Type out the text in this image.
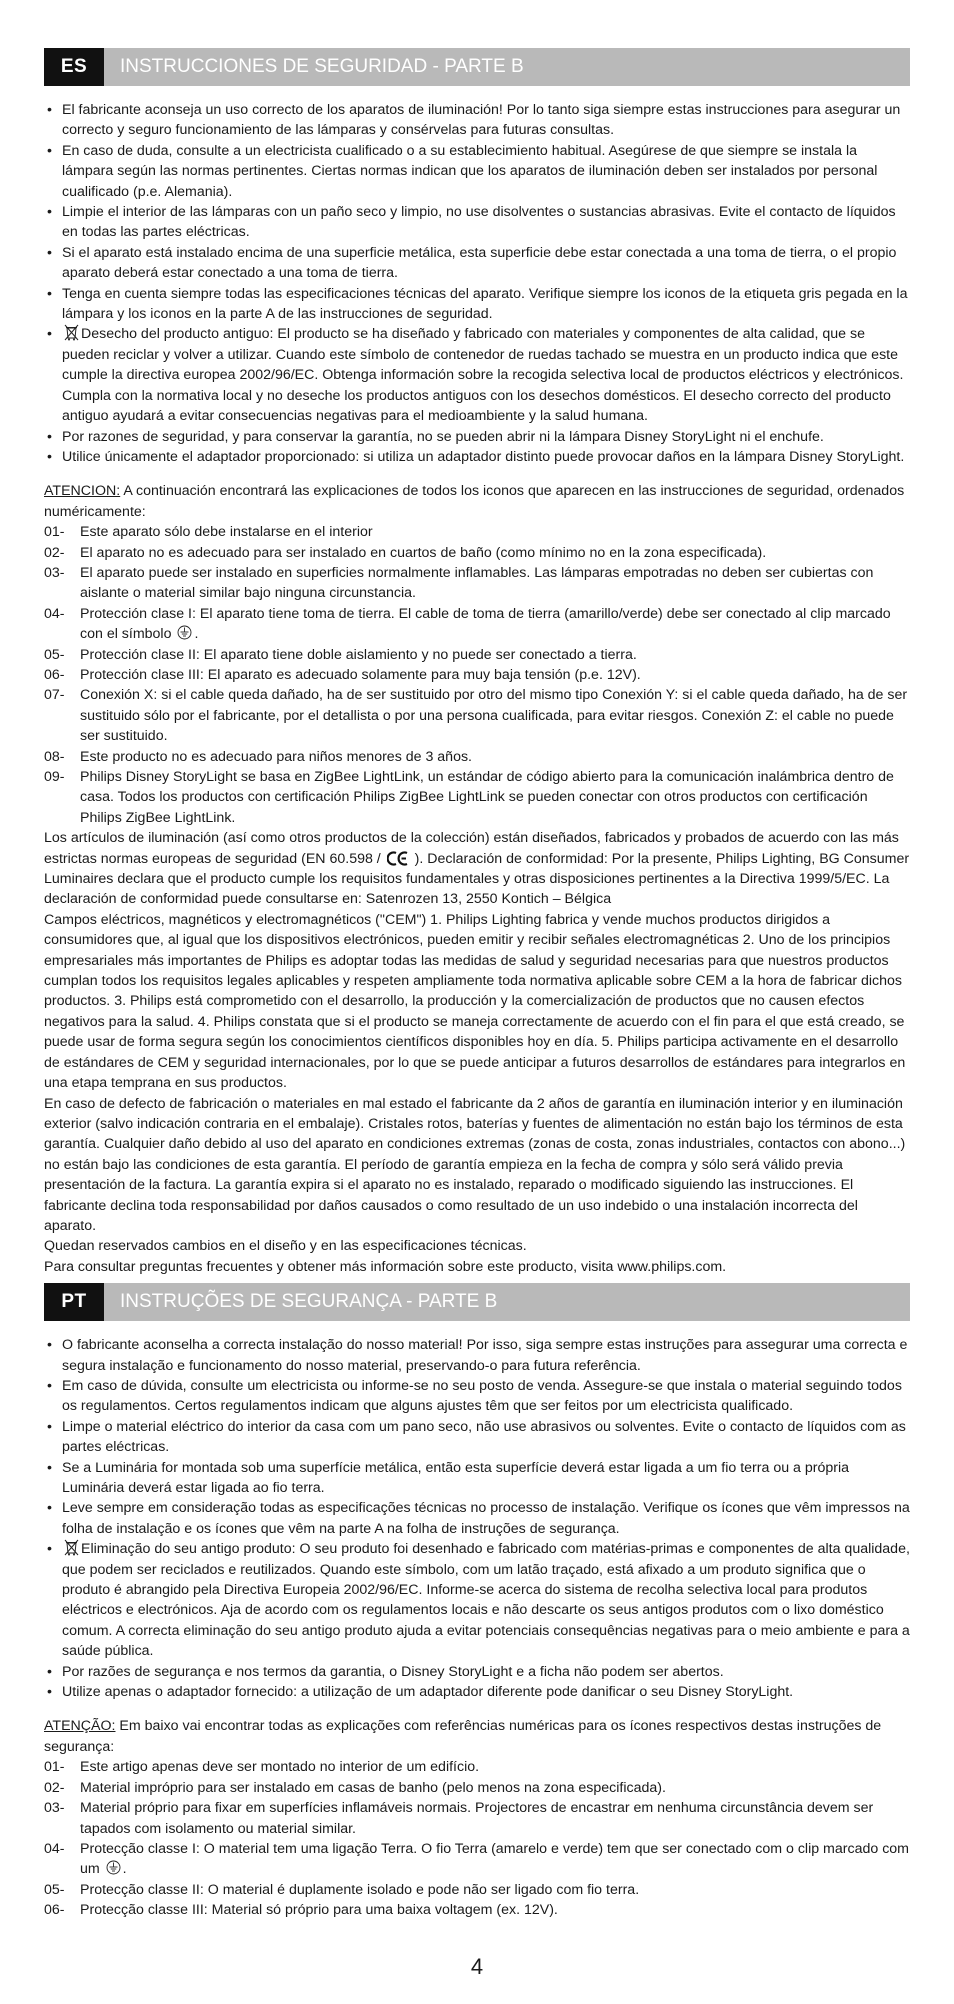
ES	INSTRUCCIONES DE SEGURIDAD - PARTE B
• El fabricante aconseja un uso correcto de los aparatos de iluminación! Por lo tanto siga siempre estas instrucciones para asegurar un correcto y seguro funcionamiento de las lámparas y consérvelas para futuras consultas.
• En caso de duda, consulte a un electricista cualificado o a su establecimiento habitual. Asegúrese de que siempre se instala la lámpara según las normas pertinentes. Ciertas normas indican que los aparatos de iluminación deben ser instalados por personal cualificado (p.e. Alemania).
• Limpie el interior de las lámparas con un paño seco y limpio, no use disolventes o sustancias abrasivas. Evite el contacto de líquidos en todas las partes eléctricas.
• Si el aparato está instalado encima de una superficie metálica, esta superficie debe estar conectada a una toma de tierra, o el propio aparato deberá estar conectado a una toma de tierra.
• Tenga en cuenta siempre todas las especificaciones técnicas del aparato. Verifique siempre los iconos de la etiqueta gris pegada en la lámpara y los iconos en la parte A de las instrucciones de seguridad.
• Desecho del producto antiguo: El producto se ha diseñado y fabricado con materiales y componentes de alta calidad, que se pueden reciclar y volver a utilizar. Cuando este símbolo de contenedor de ruedas tachado se muestra en un producto indica que este cumple la directiva europea 2002/96/EC. Obtenga información sobre la recogida selectiva local de productos eléctricos y electrónicos. Cumpla con la normativa local y no deseche los productos antiguos con los desechos domésticos. El desecho correcto del producto antiguo ayudará a evitar consecuencias negativas para el medioambiente y la salud humana.
• Por razones de seguridad, y para conservar la garantía, no se pueden abrir ni la lámpara Disney StoryLight ni el enchufe.
• Utilice únicamente el adaptador proporcionado: si utiliza un adaptador distinto puede provocar daños en la lámpara Disney StoryLight.
ATENCION: A continuación encontrará las explicaciones de todos los iconos que aparecen en las instrucciones de seguridad, ordenados numéricamente:
01- Este aparato sólo debe instalarse en el interior
02- El aparato no es adecuado para ser instalado en cuartos de baño (como mínimo no en la zona especificada).
03- El aparato puede ser instalado en superficies normalmente inflamables. Las lámparas empotradas no deben ser cubiertas con aislante o material similar bajo ninguna circunstancia.
04- Protección clase I: El aparato tiene toma de tierra. El cable de toma de tierra (amarillo/verde) debe ser conectado al clip marcado con el símbolo .
05- Protección clase II: El aparato tiene doble aislamiento y no puede ser conectado a tierra.
06- Protección clase III: El aparato es adecuado solamente para muy baja tensión (p.e. 12V).
07- Conexión X: si el cable queda dañado, ha de ser sustituido por otro del mismo tipo Conexión Y: si el cable queda dañado, ha de ser sustituido sólo por el fabricante, por el detallista o por una persona cualificada, para evitar riesgos. Conexión Z: el cable no puede ser sustituido.
08- Este producto no es adecuado para niños menores de 3 años.
09- Philips Disney StoryLight se basa en ZigBee LightLink, un estándar de código abierto para la comunicación inalámbrica dentro de casa. Todos los productos con certificación Philips ZigBee LightLink se pueden conectar con otros productos con certificación Philips ZigBee LightLink.

Los artículos de iluminación (así como otros productos de la colección) están diseñados, fabricados y probados de acuerdo con las más estrictas normas europeas de seguridad (EN 60.598 /  ). Declaración de conformidad: Por la presente, Philips Lighting, BG Consumer Luminaires declara que el producto cumple los requisitos fundamentales y otras disposiciones pertinentes a la Directiva 1999/5/EC. La declaración de conformidad puede consultarse en: Satenrozen 13, 2550 Kontich – Bélgica

Campos eléctricos, magnéticos y electromagnéticos ("CEM") 1. Philips Lighting fabrica y vende muchos productos dirigidos a consumidores que, al igual que los dispositivos electrónicos, pueden emitir y recibir señales electromagnéticas 2. Uno de los principios empresariales más importantes de Philips es adoptar todas las medidas de salud y seguridad necesarias para que nuestros productos cumplan todos los requisitos legales aplicables y respeten ampliamente toda normativa aplicable sobre CEM a la hora de fabricar dichos productos. 3. Philips está comprometido con el desarrollo, la producción y la comercialización de productos que no causen efectos negativos para la salud. 4. Philips constata que si el producto se maneja correctamente de acuerdo con el fin para el que está creado, se puede usar de forma segura según los conocimientos científicos disponibles hoy en día. 5. Philips participa activamente en el desarrollo de estándares de CEM y seguridad internacionales, por lo que se puede anticipar a futuros desarrollos de estándares para integrarlos en una etapa temprana en sus productos.

En caso de defecto de fabricación o materiales en mal estado el fabricante da 2 años de garantía en iluminación interior y en iluminación exterior (salvo indicación contraria en el embalaje). Cristales rotos, baterías y fuentes de alimentación no están bajo los términos de esta garantía. Cualquier daño debido al uso del aparato en condiciones extremas (zonas de costa, zonas industriales, contactos con abono...) no están bajo las condiciones de esta garantía. El período de garantía empieza en la fecha de compra y sólo será válido previa presentación de la factura. La garantía expira si el aparato no es instalado, reparado o modificado siguiendo las instrucciones. El fabricante declina toda responsabilidad por daños causados o como resultado de un uso indebido o una instalación incorrecta del aparato.

Quedan reservados cambios en el diseño y en las especificaciones técnicas.

Para consultar preguntas frecuentes y obtener más información sobre este producto, visita www.philips.com.

PT	INSTRUÇÕES DE SEGURANÇA - PARTE B
• O fabricante aconselha a correcta instalação do nosso material! Por isso, siga sempre estas instruções para assegurar uma correcta e segura instalação e funcionamento do nosso material, preservando-o para futura referência.
• Em caso de dúvida, consulte um electricista ou informe-se no seu posto de venda. Assegure-se que instala o material seguindo todos os regulamentos. Certos regulamentos indicam que alguns ajustes têm que ser feitos por um electricista qualificado.
• Limpe o material eléctrico do interior da casa com um pano seco, não use abrasivos ou solventes. Evite o contacto de líquidos com as partes eléctricas.
• Se a Luminária for montada sob uma superfície metálica, então esta superfície deverá estar ligada a um fio terra ou a própria Luminária deverá estar ligada ao fio terra.
• Leve sempre em consideração todas as especificações técnicas no processo de instalação. Verifique os ícones que vêm impressos na folha de instalação e os ícones que vêm na parte A na folha de instruções de segurança.
• Eliminação do seu antigo produto: O seu produto foi desenhado e fabricado com matérias-primas e componentes de alta qualidade, que podem ser reciclados e reutilizados. Quando este símbolo, com um latão traçado, está afixado a um produto significa que o produto é abrangido pela Directiva Europeia 2002/96/EC. Informe-se acerca do sistema de recolha selectiva local para produtos eléctricos e electrónicos. Aja de acordo com os regulamentos locais e não descarte os seus antigos produtos com o lixo doméstico comum. A correcta eliminação do seu antigo produto ajuda a evitar potenciais consequências negativas para o meio ambiente e para a saúde pública.
• Por razões de segurança e nos termos da garantia, o Disney StoryLight e a ficha não podem ser abertos.
• Utilize apenas o adaptador fornecido: a utilização de um adaptador diferente pode danificar o seu Disney StoryLight.
ATENÇÃO: Em baixo vai encontrar todas as explicações com referências numéricas para os ícones respectivos destas instruções de segurança:
01- Este artigo apenas deve ser montado no interior de um edifício.
02- Material impróprio para ser instalado em casas de banho (pelo menos na zona especificada).
03- Material próprio para fixar em superfícies inflamáveis normais. Projectores de encastrar em nenhuma circunstância devem ser tapados com isolamento ou material similar.
04- Protecção classe I: O material tem uma ligação Terra. O fio Terra (amarelo e verde) tem que ser conectado com o clip marcado com um .
05- Protecção classe II: O material é duplamente isolado e pode não ser ligado com fio terra.
06- Protecção classe III: Material só próprio para uma baixa voltagem (ex. 12V).
4
